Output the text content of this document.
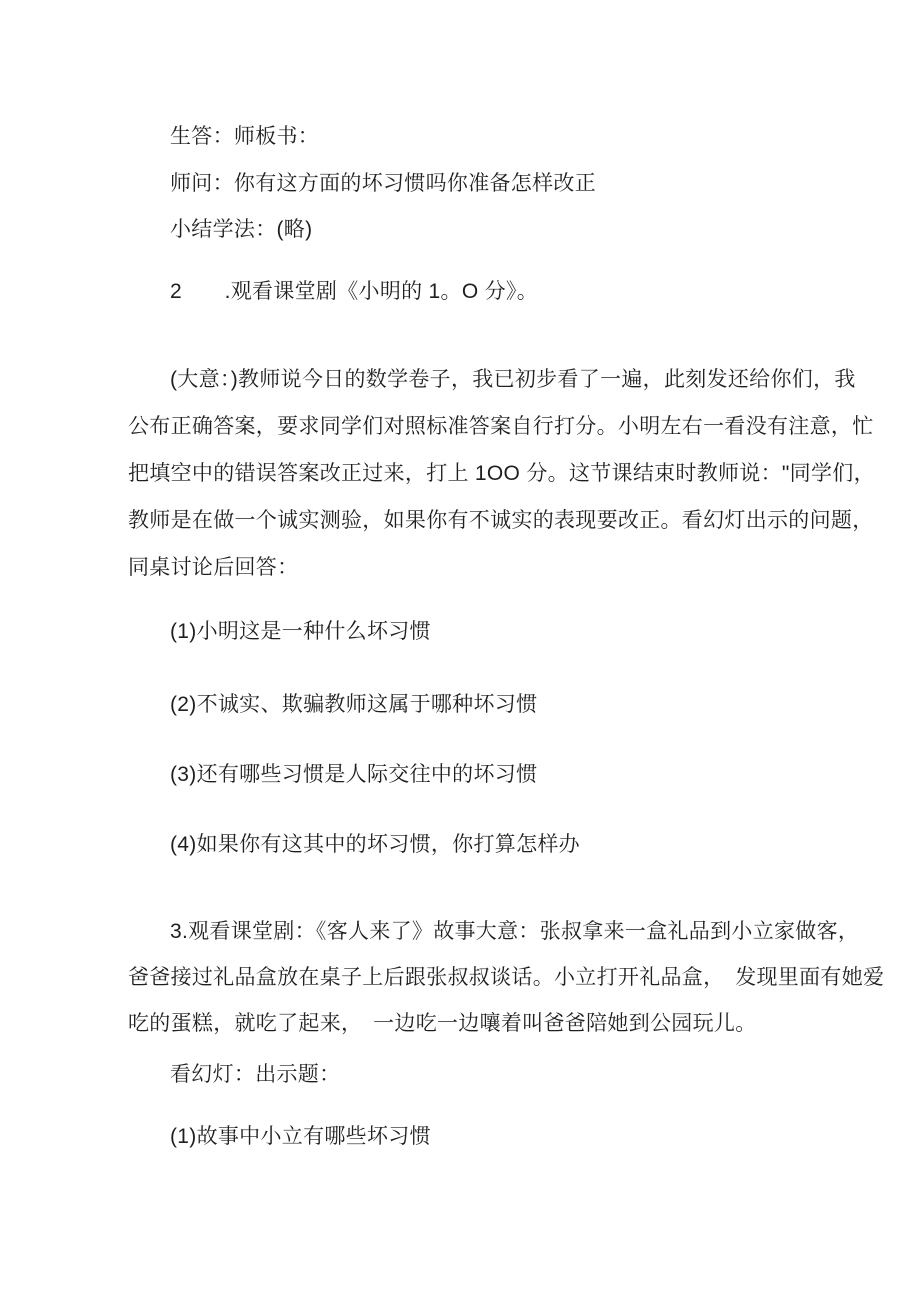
生答：师板书：
师问：你有这方面的坏习惯吗你准备怎样改正
小结学法：(略)
2　　.观看课堂剧《小明的 1。O 分》。
(大意：)教师说今日的数学卷子，我已初步看了一遍，此刻发还给你们，我
公布正确答案，要求同学们对照标准答案自行打分。小明左右一看没有注意，忙
把填空中的错误答案改正过来，打上 1OO 分。这节课结束时教师说："同学们，
教师是在做一个诚实测验，如果你有不诚实的表现要改正。看幻灯出示的问题，
同桌讨论后回答：
(1)小明这是一种什么坏习惯
(2)不诚实、欺骗教师这属于哪种坏习惯
(3)还有哪些习惯是人际交往中的坏习惯
(4)如果你有这其中的坏习惯，你打算怎样办
3.观看课堂剧：《客人来了》故事大意：张叔拿来一盒礼品到小立家做客，
爸爸接过礼品盒放在桌子上后跟张叔叔谈话。小立打开礼品盒，　发现里面有她爱
吃的蛋糕，就吃了起来，　一边吃一边嚷着叫爸爸陪她到公园玩儿。
看幻灯：出示题：
(1)故事中小立有哪些坏习惯
